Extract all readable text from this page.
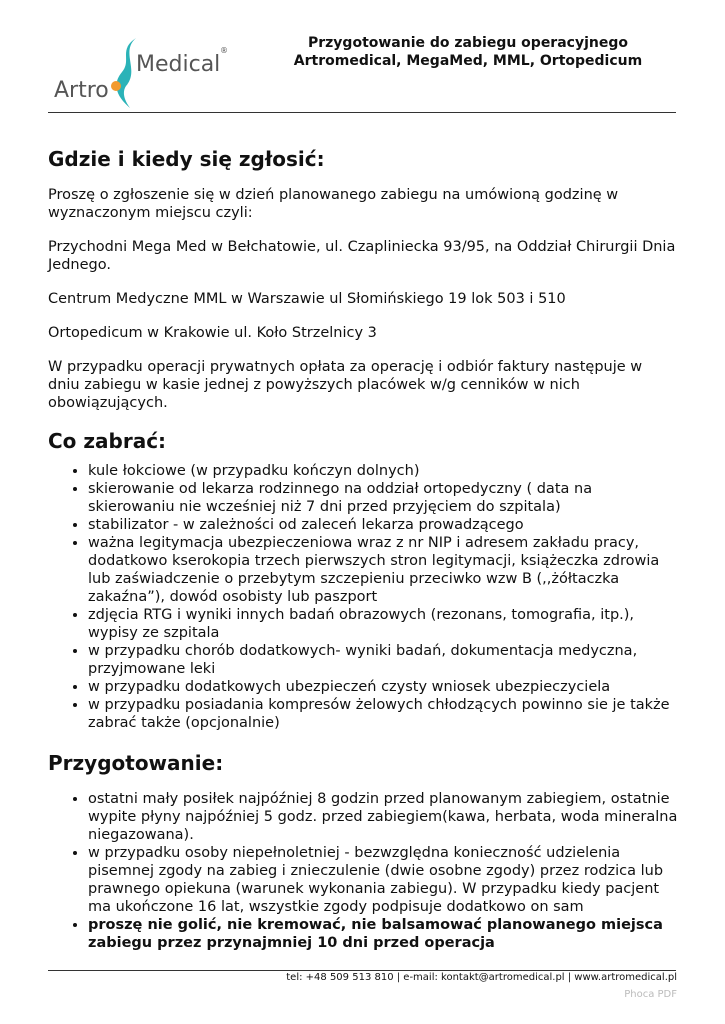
Artro
Medical
®	Przygotowanie do zabiegu operacyjnego
Artromedical, MegaMed, MML, Ortopedicum
Gdzie i kiedy się zgłosić:

Proszę o zgłoszenie się w dzień planowanego zabiegu na umówioną godzinę w wyznaczonym miejscu czyli:

Przychodni Mega Med w Bełchatowie, ul. Czapliniecka 93/95, na Oddział Chirurgii Dnia Jednego.

Centrum Medyczne MML w Warszawie ul Słomińskiego 19 lok 503 i 510

Ortopedicum w Krakowie ul. Koło Strzelnicy 3

W przypadku operacji prywatnych opłata za operację i odbiór faktury następuje w dniu zabiegu w kasie jednej z powyższych placówek w/g cenników w nich obowiązujących.

Co zabrać:
• kule łokciowe (w przypadku kończyn dolnych)
• skierowanie od lekarza rodzinnego na oddział ortopedyczny ( data na skierowaniu nie wcześniej niż 7 dni przed przyjęciem do szpitala)
• stabilizator - w zależności od zaleceń lekarza prowadzącego
• ważna legitymacja ubezpieczeniowa wraz z nr NIP i adresem zakładu pracy, dodatkowo kserokopia trzech pierwszych stron legitymacji, książeczka zdrowia lub zaświadczenie o przebytym szczepieniu przeciwko wzw B (,,żółtaczka zakaźna”), dowód osobisty lub paszport
• zdjęcia RTG i wyniki innych badań obrazowych (rezonans, tomografia, itp.), wypisy ze szpitala
• w przypadku chorób dodatkowych- wyniki badań, dokumentacja medyczna, przyjmowane leki
• w przypadku dodatkowych ubezpieczeń czysty wniosek ubezpieczyciela
• w przypadku posiadania kompresów żelowych chłodzących powinno sie je także zabrać także (opcjonalnie)
Przygotowanie:
• ostatni mały posiłek najpóźniej 8 godzin przed planowanym zabiegiem, ostatnie wypite płyny najpóźniej 5 godz. przed zabiegiem(kawa, herbata, woda mineralna niegazowana).
• w przypadku osoby niepełnoletniej - bezwzględna konieczność udzielenia pisemnej zgody na zabieg i znieczulenie (dwie osobne zgody) przez rodzica lub prawnego opiekuna (warunek wykonania zabiegu). W przypadku kiedy pacjent ma ukończone 16 lat, wszystkie zgody podpisuje dodatkowo on sam
• proszę nie golić, nie kremować, nie balsamować planowanego miejsca zabiegu przez przynajmniej 10 dni przed operacja
tel: +48 509 513 810 | e-mail: kontakt@artromedical.pl | www.artromedical.pl
Phoca PDF
